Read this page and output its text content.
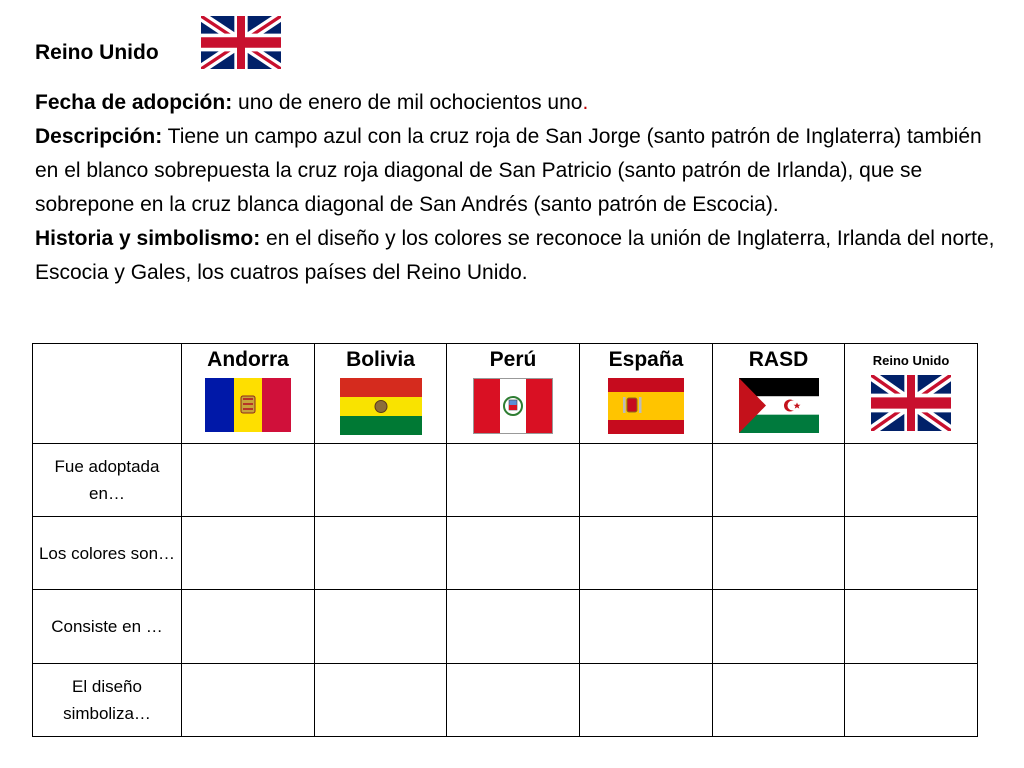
Reino Unido

Fecha de adopción: uno de enero de mil ochocientos uno.

Descripción: Tiene un campo azul con la cruz roja de San Jorge (santo patrón de Inglaterra) también en el blanco sobrepuesta la cruz roja diagonal de San Patricio (santo patrón de Irlanda), que se sobrepone en la cruz blanca diagonal de San Andrés (santo patrón de Escocia).

Historia y simbolismo: en el diseño y los colores se reconoce la unión de Inglaterra, Irlanda del norte, Escocia y Gales, los cuatros países del Reino Unido.

	Andorra	Bolivia	Perú	España	RASD	Reino Unido

Fue adoptada en…						
Los colores son…						
Consiste en …						
El diseño simboliza…						
